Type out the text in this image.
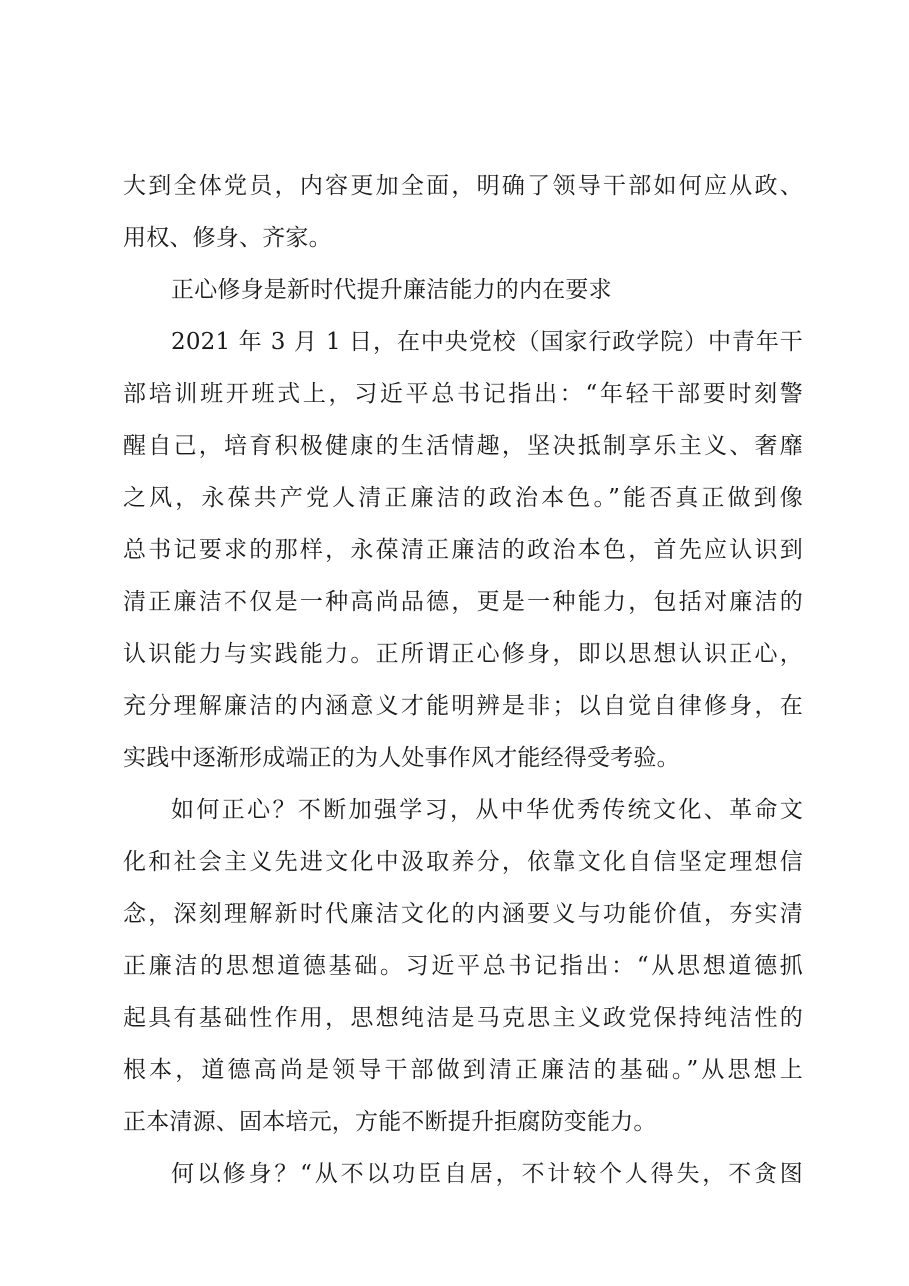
大到全体党员，内容更加全面，明确了领导干部如何应从政、
用权、修身、齐家。
正心修身是新时代提升廉洁能力的内在要求
2021 年 3 月 1 日，在中央党校（国家行政学院）中青年干
部培训班开班式上，习近平总书记指出：“年轻干部要时刻警
醒自己，培育积极健康的生活情趣，坚决抵制享乐主义、奢靡
之风，永葆共产党人清正廉洁的政治本色。”能否真正做到像
总书记要求的那样，永葆清正廉洁的政治本色，首先应认识到
清正廉洁不仅是一种高尚品德，更是一种能力，包括对廉洁的
认识能力与实践能力。正所谓正心修身，即以思想认识正心，
充分理解廉洁的内涵意义才能明辨是非；以自觉自律修身，在
实践中逐渐形成端正的为人处事作风才能经得受考验。
如何正心？不断加强学习，从中华优秀传统文化、革命文
化和社会主义先进文化中汲取养分，依靠文化自信坚定理想信
念，深刻理解新时代廉洁文化的内涵要义与功能价值，夯实清
正廉洁的思想道德基础。习近平总书记指出：“从思想道德抓
起具有基础性作用，思想纯洁是马克思主义政党保持纯洁性的
根本，道德高尚是领导干部做到清正廉洁的基础。”从思想上
正本清源、固本培元，方能不断提升拒腐防变能力。
何以修身？“从不以功臣自居，不计较个人得失，不贪图
